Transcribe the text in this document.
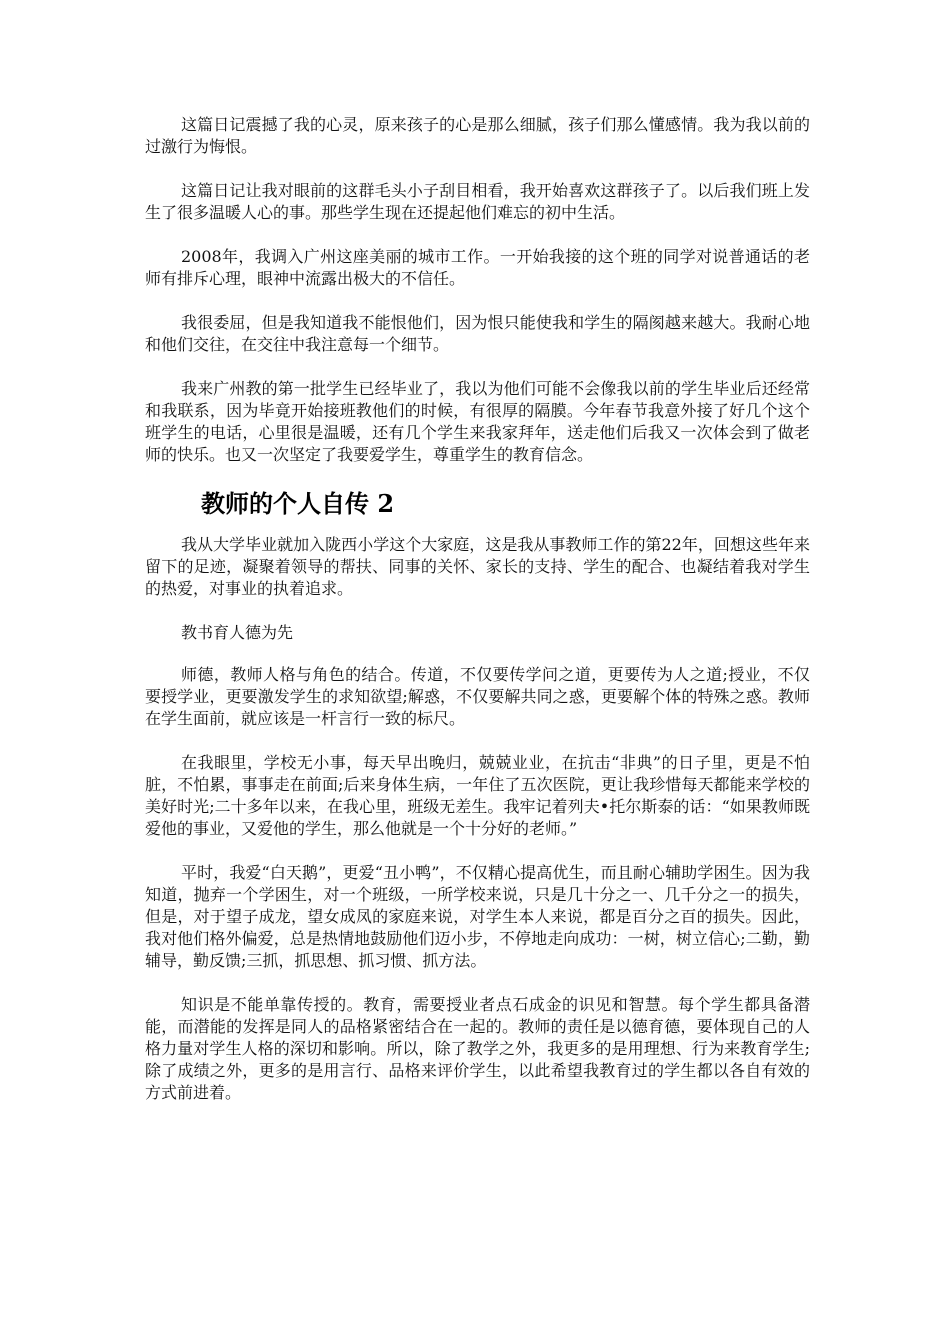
这篇日记震撼了我的心灵，原来孩子的心是那么细腻，孩子们那么懂感情。我为我以前的过激行为悔恨。

这篇日记让我对眼前的这群毛头小子刮目相看，我开始喜欢这群孩子了。以后我们班上发生了很多温暖人心的事。那些学生现在还提起他们难忘的初中生活。

2008年，我调入广州这座美丽的城市工作。一开始我接的这个班的同学对说普通话的老师有排斥心理，眼神中流露出极大的不信任。

我很委屈，但是我知道我不能恨他们，因为恨只能使我和学生的隔阂越来越大。我耐心地和他们交往，在交往中我注意每一个细节。

我来广州教的第一批学生已经毕业了，我以为他们可能不会像我以前的学生毕业后还经常和我联系，因为毕竟开始接班教他们的时候，有很厚的隔膜。今年春节我意外接了好几个这个班学生的电话，心里很是温暖，还有几个学生来我家拜年，送走他们后我又一次体会到了做老师的快乐。也又一次坚定了我要爱学生，尊重学生的教育信念。

教师的个人自传 2

我从大学毕业就加入陇西小学这个大家庭，这是我从事教师工作的第22年，回想这些年来留下的足迹，凝聚着领导的帮扶、同事的关怀、家长的支持、学生的配合、也凝结着我对学生的热爱，对事业的执着追求。

教书育人德为先

师德，教师人格与角色的结合。传道，不仅要传学问之道，更要传为人之道;授业，不仅要授学业，更要激发学生的求知欲望;解惑，不仅要解共同之惑，更要解个体的特殊之惑。教师在学生面前，就应该是一杆言行一致的标尺。

在我眼里，学校无小事，每天早出晚归，兢兢业业，在抗击“非典”的日子里，更是不怕脏，不怕累，事事走在前面;后来身体生病，一年住了五次医院，更让我珍惜每天都能来学校的美好时光;二十多年以来，在我心里，班级无差生。我牢记着列夫•托尔斯泰的话：“如果教师既爱他的事业，又爱他的学生，那么他就是一个十分好的老师。”

平时，我爱“白天鹅”，更爱“丑小鸭”，不仅精心提高优生，而且耐心辅助学困生。因为我知道，抛弃一个学困生，对一个班级，一所学校来说，只是几十分之一、几千分之一的损失，但是，对于望子成龙，望女成凤的家庭来说，对学生本人来说，都是百分之百的损失。因此，我对他们格外偏爱，总是热情地鼓励他们迈小步，不停地走向成功：一树，树立信心;二勤，勤辅导，勤反馈;三抓，抓思想、抓习惯、抓方法。

知识是不能单靠传授的。教育，需要授业者点石成金的识见和智慧。每个学生都具备潜能，而潜能的发挥是同人的品格紧密结合在一起的。教师的责任是以德育德，要体现自己的人格力量对学生人格的深切和影响。所以，除了教学之外，我更多的是用理想、行为来教育学生;除了成绩之外，更多的是用言行、品格来评价学生，以此希望我教育过的学生都以各自有效的方式前进着。
